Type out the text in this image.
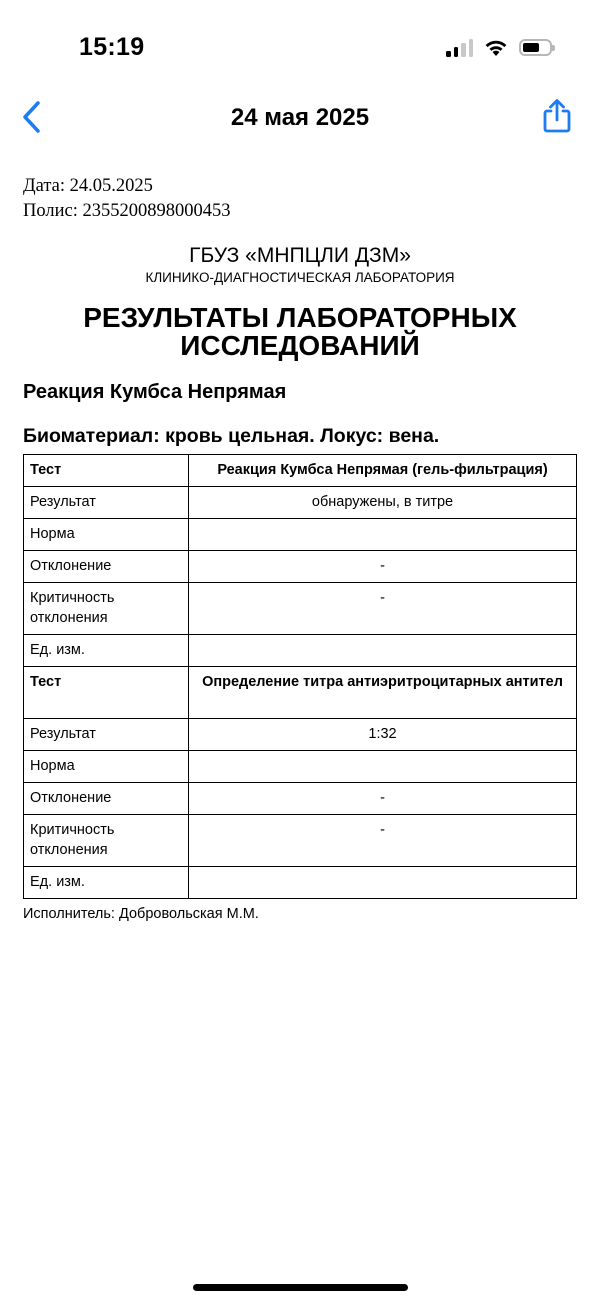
15:19
24 мая 2025
Дата: 24.05.2025
Полис: 2355200898000453
ГБУЗ «МНПЦЛИ ДЗМ»
КЛИНИКО-ДИАГНОСТИЧЕСКАЯ ЛАБОРАТОРИЯ
РЕЗУЛЬТАТЫ ЛАБОРАТОРНЫХ
ИССЛЕДОВАНИЙ
Реакция Кумбса Непрямая
Биоматериал: кровь цельная. Локус: вена.
Тест	Реакция Кумбса Непрямая (гель-фильтрация)
Результат	обнаружены, в титре
Норма	
Отклонение	-
Критичность отклонения	-
Ед. изм.	
Тест	Определение титра антиэритроцитарных антител
Результат	1:32
Норма	
Отклонение	-
Критичность отклонения	-
Ед. изм.	
Исполнитель: Добровольская М.М.
